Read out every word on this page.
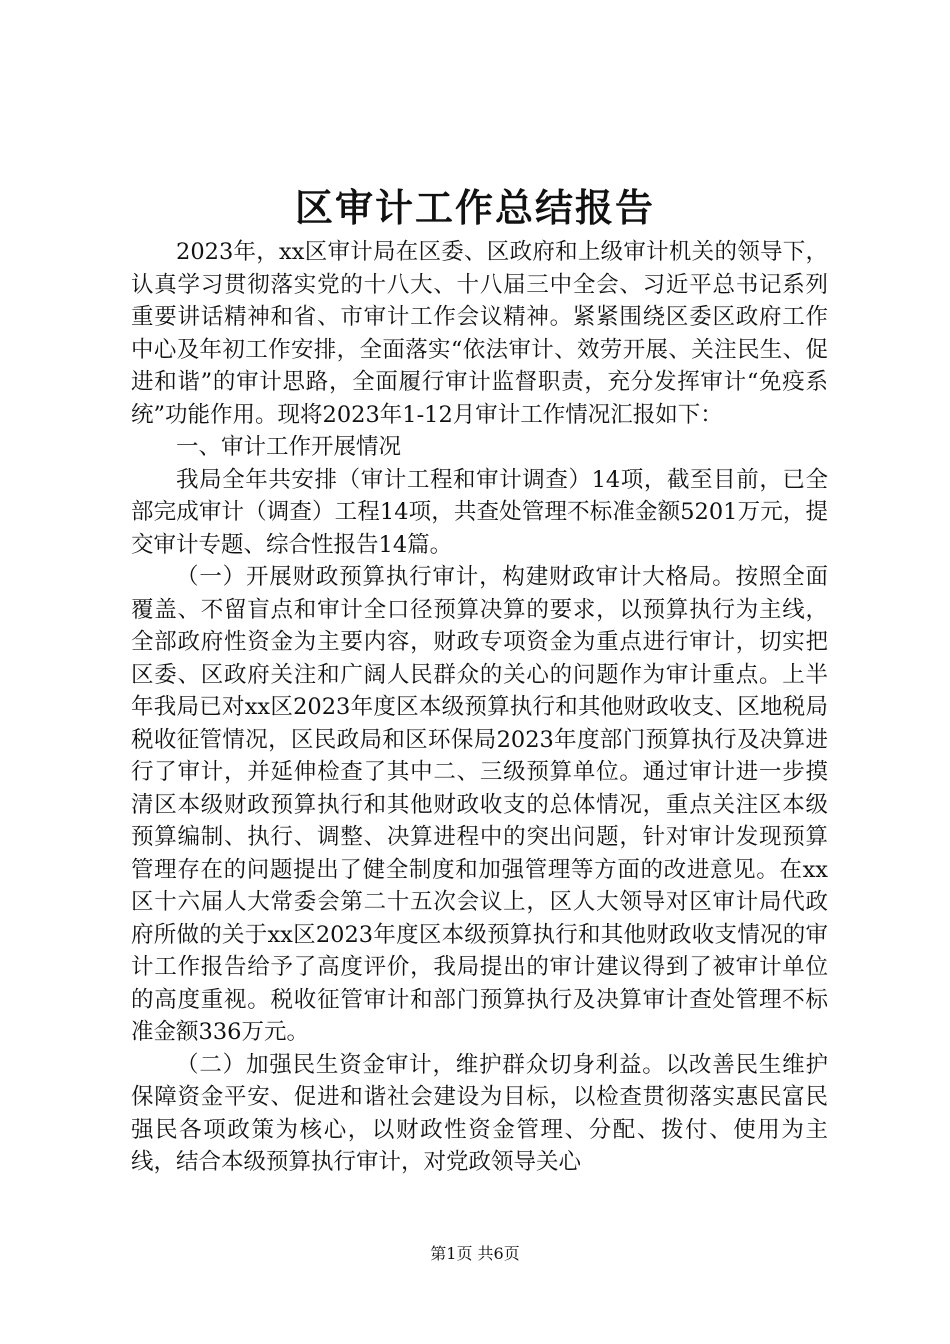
区审计工作总结报告

2023年，xx区审计局在区委、区政府和上级审计机关的领导下，认真学习贯彻落实党的十八大、十八届三中全会、习近平总书记系列重要讲话精神和省、市审计工作会议精神。紧紧围绕区委区政府工作中心及年初工作安排，全面落实“依法审计、效劳开展、关注民生、促进和谐”的审计思路，全面履行审计监督职责，充分发挥审计“免疫系统”功能作用。现将2023年1-12月审计工作情况汇报如下：

一、审计工作开展情况

我局全年共安排（审计工程和审计调查）14项，截至目前，已全部完成审计（调查）工程14项，共查处管理不标准金额5201万元，提交审计专题、综合性报告14篇。

（一）开展财政预算执行审计，构建财政审计大格局。按照全面覆盖、不留盲点和审计全口径预算决算的要求，以预算执行为主线，全部政府性资金为主要内容，财政专项资金为重点进行审计，切实把区委、区政府关注和广阔人民群众的关心的问题作为审计重点。上半年我局已对xx区2023年度区本级预算执行和其他财政收支、区地税局税收征管情况，区民政局和区环保局2023年度部门预算执行及决算进行了审计，并延伸检查了其中二、三级预算单位。通过审计进一步摸清区本级财政预算执行和其他财政收支的总体情况，重点关注区本级预算编制、执行、调整、决算进程中的突出问题，针对审计发现预算管理存在的问题提出了健全制度和加强管理等方面的改进意见。在xx区十六届人大常委会第二十五次会议上，区人大领导对区审计局代政府所做的关于xx区2023年度区本级预算执行和其他财政收支情况的审计工作报告给予了高度评价，我局提出的审计建议得到了被审计单位的高度重视。税收征管审计和部门预算执行及决算审计查处管理不标准金额336万元。

（二）加强民生资金审计，维护群众切身利益。以改善民生维护保障资金平安、促进和谐社会建设为目标，以检查贯彻落实惠民富民强民各项政策为核心，以财政性资金管理、分配、拨付、使用为主线，结合本级预算执行审计，对党政领导关心

第1页 共6页
